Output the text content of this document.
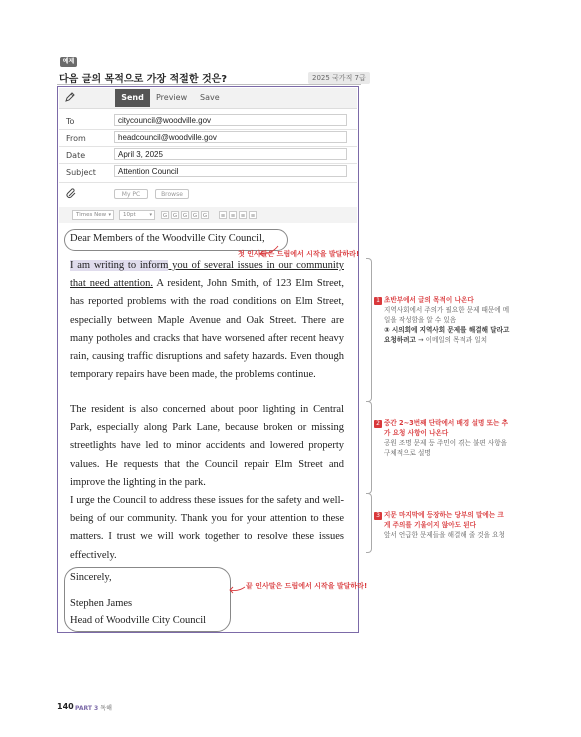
예제
다음 글의 목적으로 가장 적절한 것은?	2025 국가직 7급
Send	Preview Save
To	citycouncil@woodville.gov
From	headcouncil@woodville.gov
Date	April 3, 2025
Subject	Attention Council
My PC	Browse
Times New ▾	10pt	▾	G	G	G	G	G	≡ ≡ ≡ ≡
Dear Members of the Woodville City Council,
첫 인사말은 드림에서 시작을 발달하라!

I am writing to inform you of several issues in our community that need attention. A resident, John Smith, of 123 Elm Street, has reported problems with the road conditions on Elm Street, especially between Maple Avenue and Oak Street. There are many potholes and cracks that have worsened after recent heavy rain, causing traffic disruptions and safety hazards. Even though temporary repairs have been made, the problems continue.

The resident is also concerned about poor lighting in Central Park, especially along Park Lane, because broken or missing streetlights have led to minor accidents and lowered property values. He requests that the Council repair Elm Street and improve the lighting in the park.

I urge the Council to address these issues for the safety and well-being of our community. Thank you for your attention to these matters. I trust we will work together to resolve these issues effectively.

Sincerely,
Stephen James
Head of Woodville City Council
끝 인사말은 드림에서 시작을 발달하라!
1 초반부에서 글의 목적이 나온다
지역사회에서 주의가 필요한 문제 때문에 메
일을 작성함을 알 수 있음
③ 시의회에 지역사회 문제를 해결해 달라고
요청하려고 → 이메일의 목적과 일치
2 중간 2~3번째 단락에서 배경 설명 또는 추
가 요청 사항이 나온다
공원 조명 문제 등 주민이 겪는 불편 사항을
구체적으로 설명
3 지문 마지막에 등장하는 당부의 말에는 크
게 주의를 기울이지 않아도 된다
앞서 언급한 문제들을 해결해 줄 것을 요청
140 PART 3 독해
